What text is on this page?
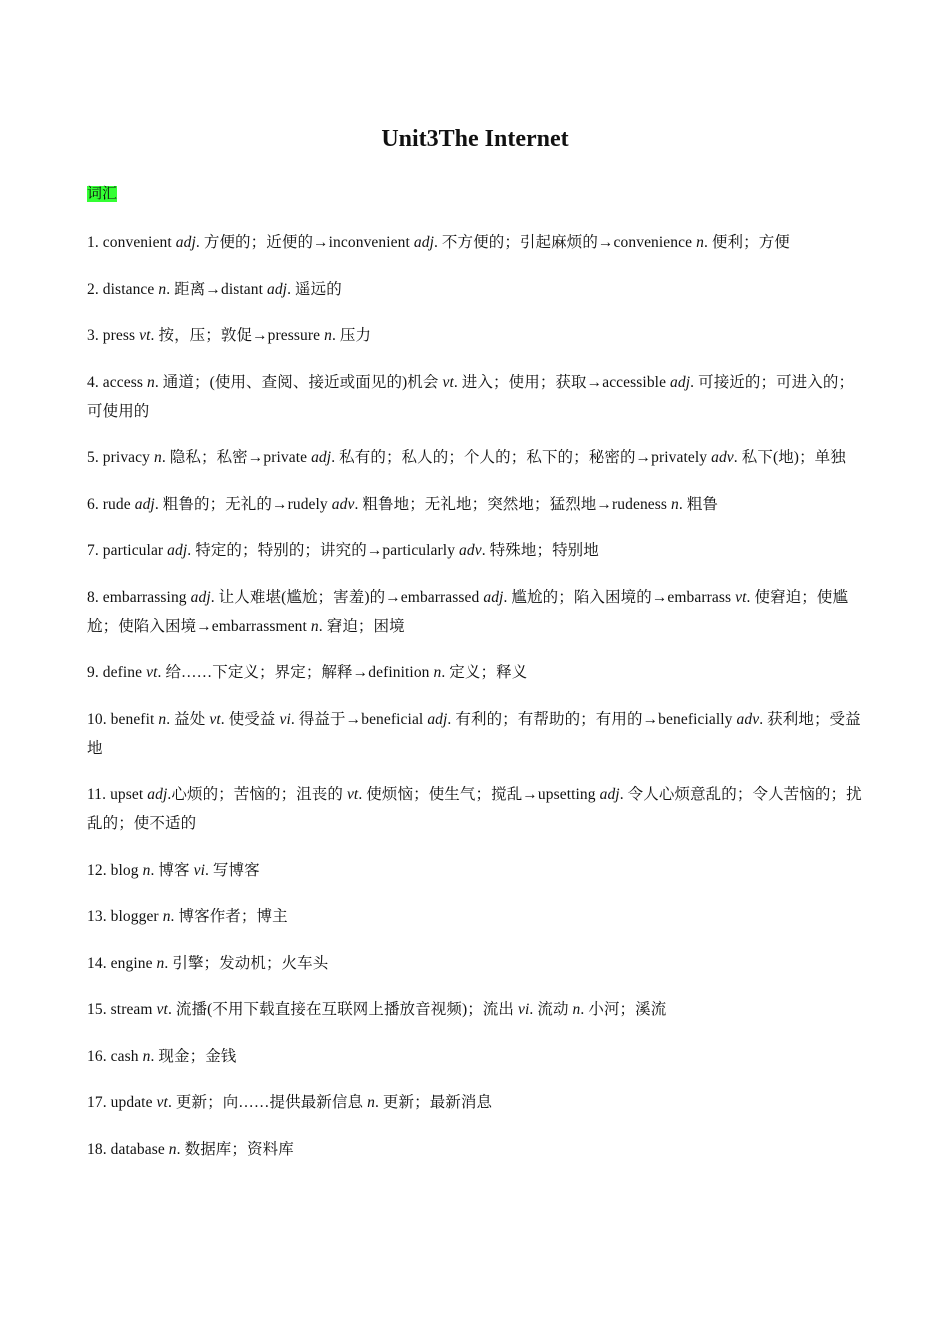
Unit3The Internet

词汇

1. convenient adj. 方便的；近便的→inconvenient adj. 不方便的；引起麻烦的→convenience n. 便利；方便
2. distance n. 距离→distant adj. 遥远的
3. press vt. 按，压；敦促→pressure n. 压力
4. access n. 通道；(使用、查阅、接近或面见的)机会 vt. 进入；使用；获取→accessible adj. 可接近的；可进入的；可使用的
5. privacy n. 隐私；私密→private adj. 私有的；私人的；个人的；私下的；秘密的→privately adv. 私下(地)；单独
6. rude adj. 粗鲁的；无礼的→rudely adv. 粗鲁地；无礼地；突然地；猛烈地→rudeness n. 粗鲁
7. particular adj. 特定的；特别的；讲究的→particularly adv. 特殊地；特别地
8. embarrassing adj. 让人难堪(尴尬；害羞)的→embarrassed adj. 尴尬的；陷入困境的→embarrass vt. 使窘迫；使尴尬；使陷入困境→embarrassment n. 窘迫；困境
9. define vt. 给……下定义；界定；解释→definition n. 定义；释义
10. benefit n. 益处 vt. 使受益 vi. 得益于→beneficial adj. 有利的；有帮助的；有用的→beneficially adv. 获利地；受益地
11. upset adj.心烦的；苦恼的；沮丧的 vt. 使烦恼；使生气；搅乱→upsetting adj. 令人心烦意乱的；令人苦恼的；扰乱的；使不适的
12. blog n. 博客 vi. 写博客
13. blogger n. 博客作者；博主
14. engine n. 引擎；发动机；火车头
15. stream vt. 流播(不用下载直接在互联网上播放音视频)；流出 vi. 流动 n. 小河；溪流
16. cash n. 现金；金钱
17. update vt. 更新；向……提供最新信息 n. 更新；最新消息
18. database n. 数据库；资料库
